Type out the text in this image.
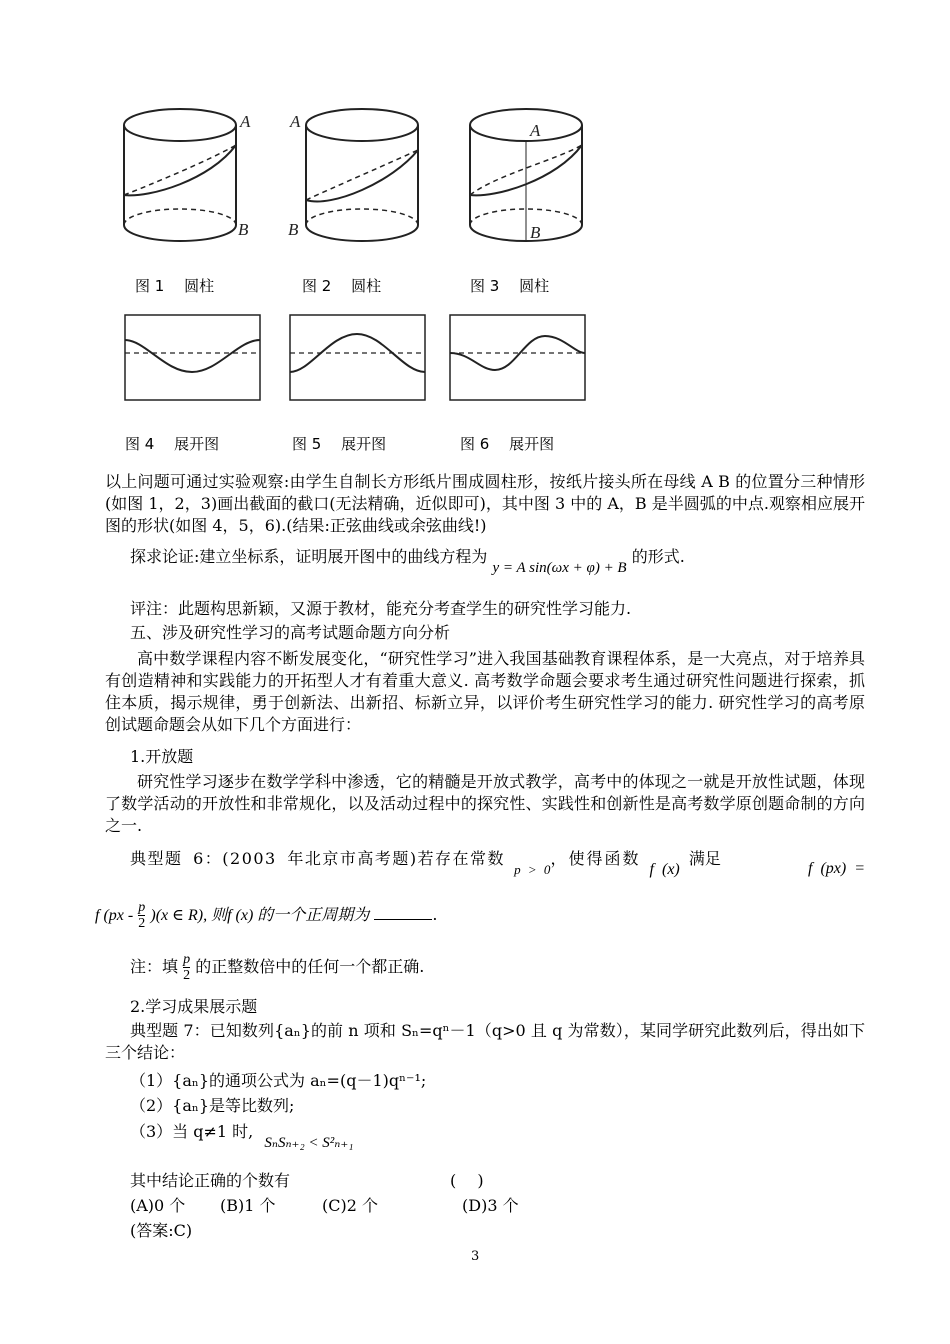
A
B
A
B
A
B
图 1　 圆柱	图 2　 圆柱	图 3　 圆柱
图 4　 展开图	图 5　 展开图	图 6　 展开图
以上问题可通过实验观察:由学生自制长方形纸片围成圆柱形，按纸片接头所在母线 A B 的位置分三种情形(如图 1，2，3)画出截面的截口(无法精确，近似即可)，其中图 3 中的 A，B 是半圆弧的中点.观察相应展开图的形状(如图 4，5，6).(结果:正弦曲线或余弦曲线!)
探求论证:建立坐标系，证明展开图中的曲线方程为 y = A sin(ωx + φ) + B 的形式.
评注：此题构思新颖，又源于教材，能充分考查学生的研究性学习能力.
五、涉及研究性学习的高考试题命题方向分析
高中数学课程内容不断发展变化，“研究性学习”进入我国基础教育课程体系，是一大亮点，对于培养具有创造精神和实践能力的开拓型人才有着重大意义. 高考数学命题会要求考生通过研究性问题进行探索，抓住本质，揭示规律，勇于创新法、出新招、标新立异，以评价考生研究性学习的能力. 研究性学习的高考原创试题命题会从如下几个方面进行：
1.开放题
研究性学习逐步在数学学科中渗透，它的精髓是开放式教学，高考中的体现之一就是开放性试题，体现了数学活动的开放性和非常规化，以及活动过程中的探究性、实践性和创新性是高考数学原创题命制的方向之一.
典型题 6：(2003 年北京市高考题)若存在常数 $_{p > 0}$，使得函数 f (x) 满足
f (px) =
f $(px - \frac{p}{2} )(x$ ∈ R), 则f (x) 的一个正周期为	.
注：填 $\frac{p}{2}$ 的正整数倍中的任何一个都正确.
2.学习成果展示题
典型题 7：已知数列{aₙ}的前 n 项和 Sₙ=qⁿ－1（q>0 且 q 为常数），某同学研究此数列后，得出如下三个结论：
（1）{aₙ}的通项公式为 aₙ=(q－1)qⁿ⁻¹;
（2）{aₙ}是等比数列;
（3）当 q≠1 时, SₙSₙ₊₂ < S²ₙ₊₁
其中结论正确的个数有	(　 )
(A)0 个 (B)1 个	(C)2 个	(D)3 个
(答案:C)
3
